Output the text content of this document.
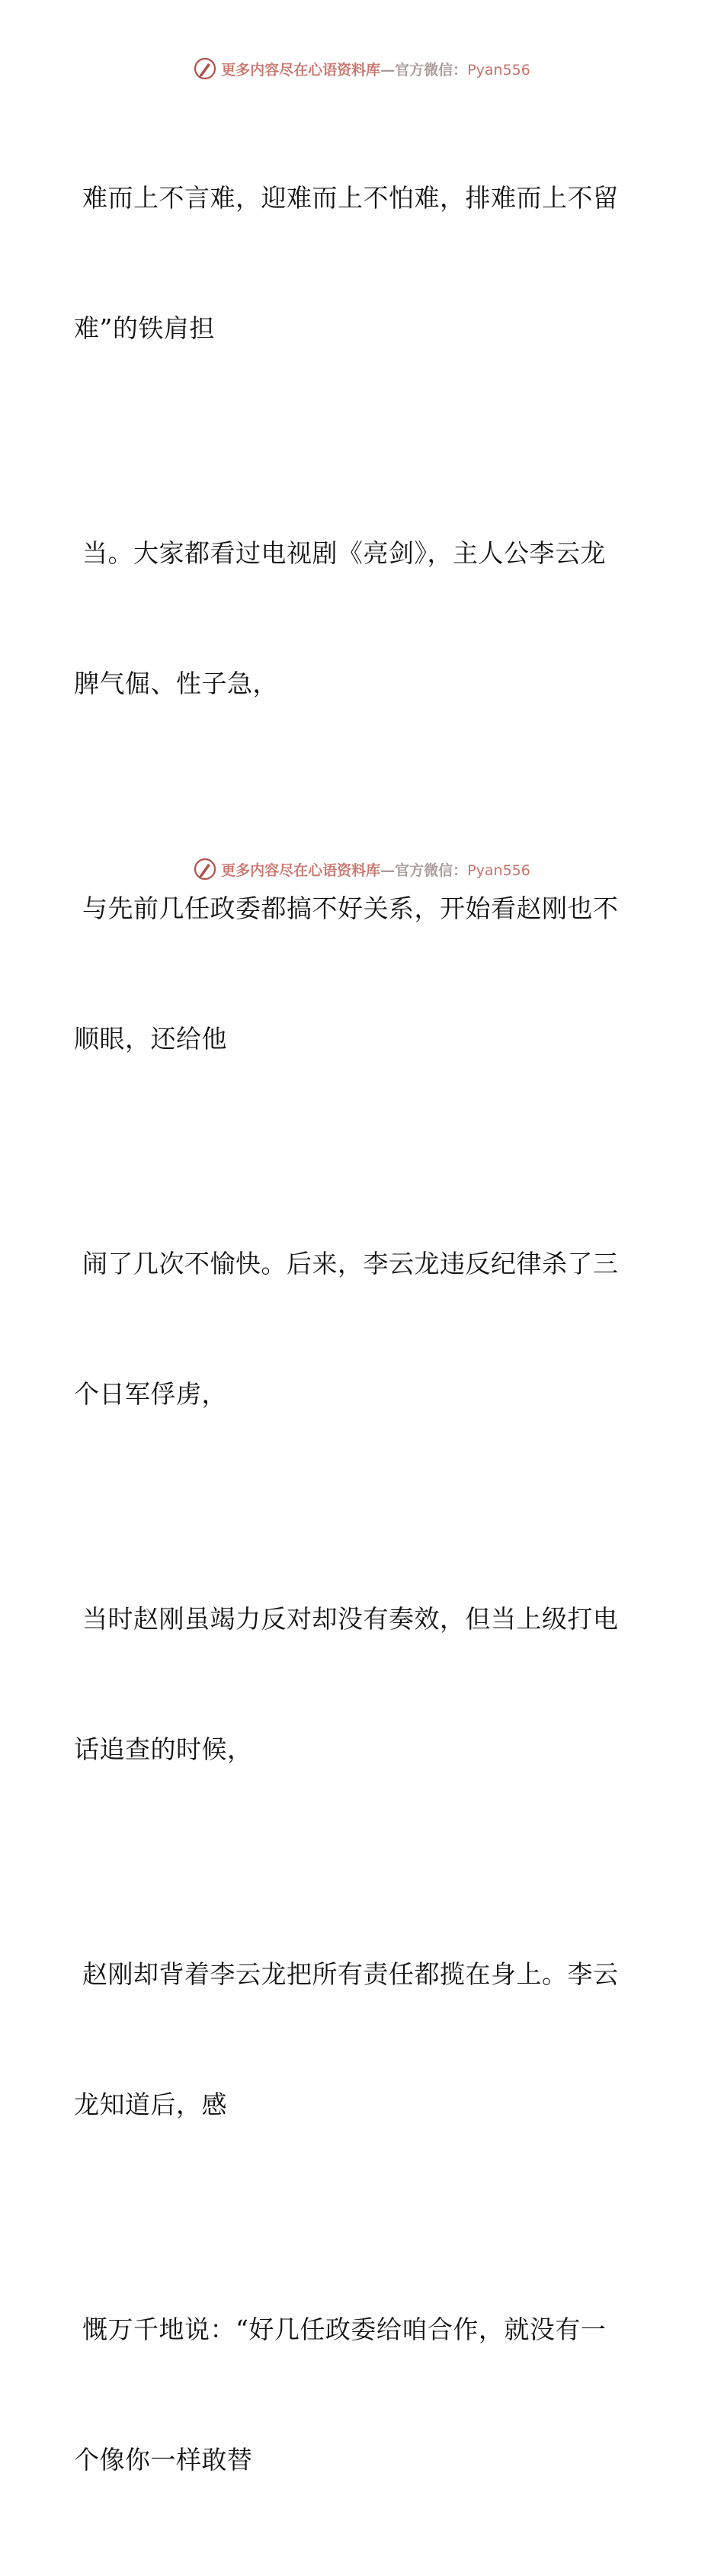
更多内容尽在心语资料库—官方微信：Pyan556

难而上不言难，迎难而上不怕难，排难而上不留

难”的铁肩担

当。大家都看过电视剧《亮剑》，主人公李云龙

脾气倔、性子急，

与先前几任政委都搞不好关系，开始看赵刚也不

顺眼，还给他

闹了几次不愉快。后来，李云龙违反纪律杀了三

个日军俘虏，

当时赵刚虽竭力反对却没有奏效，但当上级打电

话追查的时候，

赵刚却背着李云龙把所有责任都揽在身上。李云

龙知道后，感

慨万千地说：“好几任政委给咱合作，就没有一

个像你一样敢替

更多内容尽在心语资料库—官方微信：Pyan556
